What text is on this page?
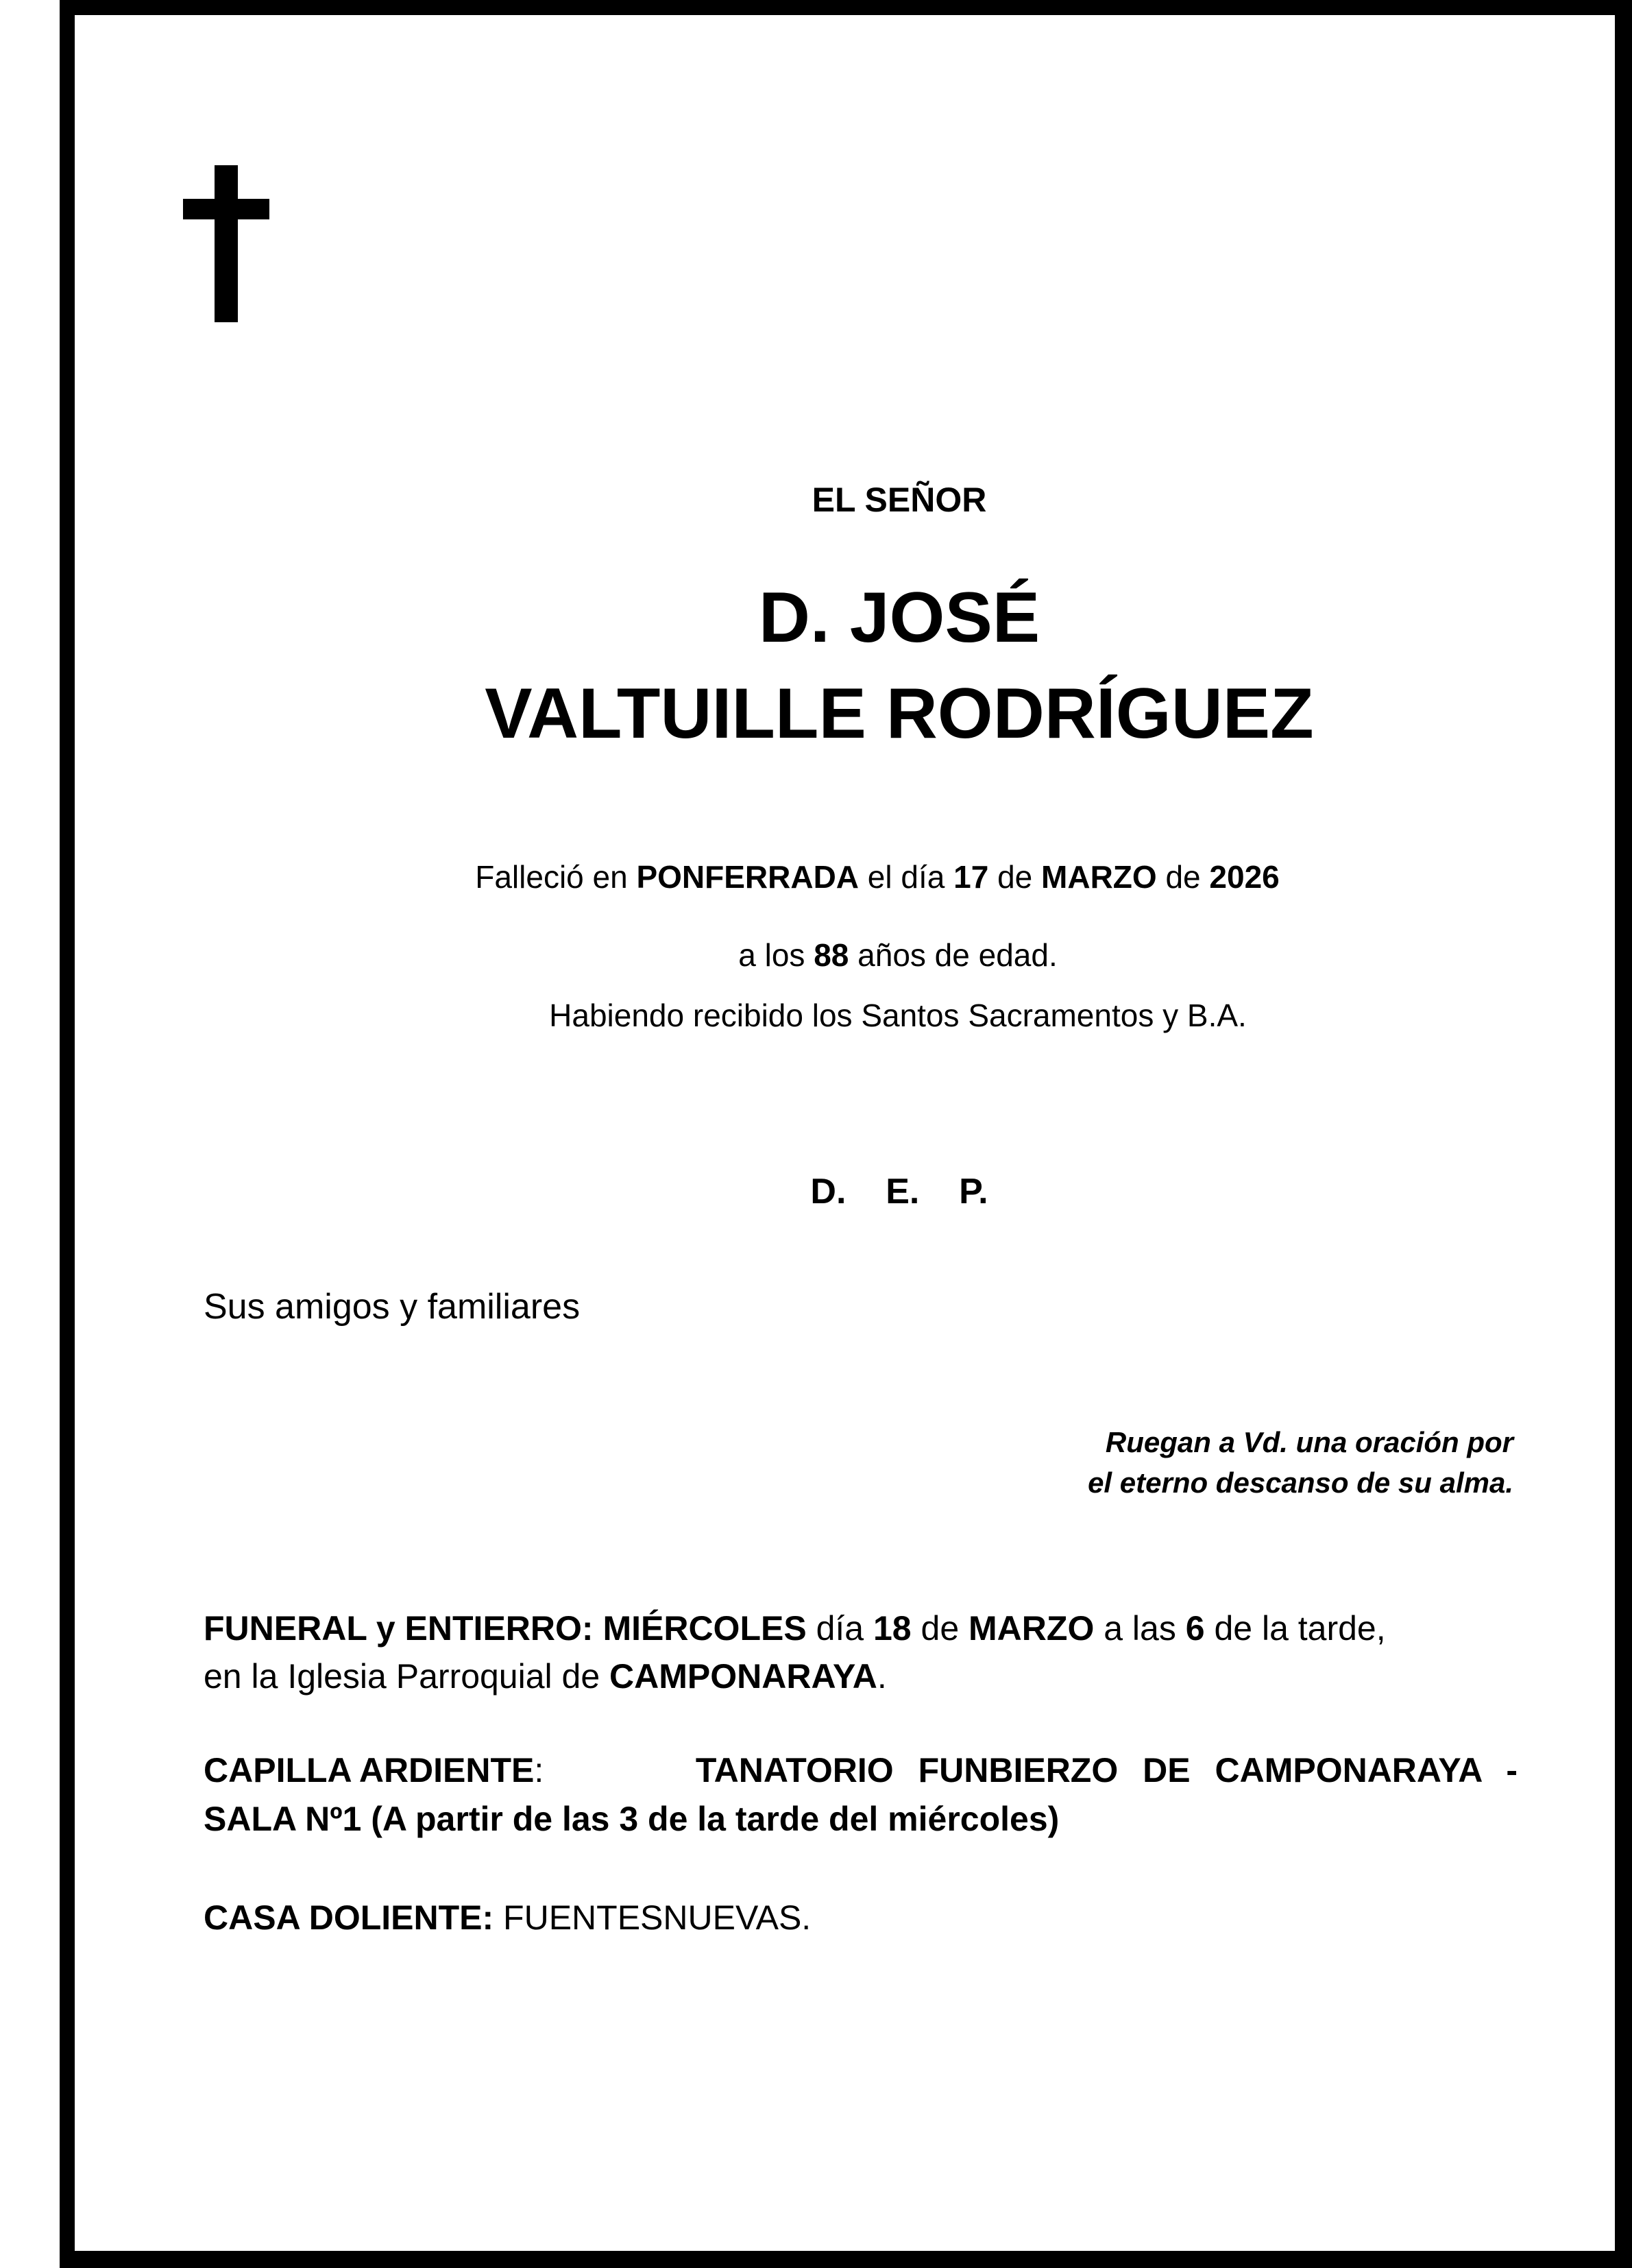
EL SEÑOR
D. JOSÉ
VALTUILLE RODRÍGUEZ
Falleció en PONFERRADA el día 17 de MARZO de 2026
a los 88 años de edad.
Habiendo recibido los Santos Sacramentos y B.A.
D.    E.    P.
Sus amigos y familiares
Ruegan a Vd. una oración por
el eterno descanso de su alma.
FUNERAL y ENTIERRO: MIÉRCOLES día 18 de MARZO a las 6 de la tarde,
en la Iglesia Parroquial de CAMPONARAYA.
CAPILLA ARDIENTE:	TANATORIO FUNBIERZO DE CAMPONARAYA -
SALA Nº1 (A partir de las 3 de la tarde del miércoles)
CASA DOLIENTE: FUENTESNUEVAS.
